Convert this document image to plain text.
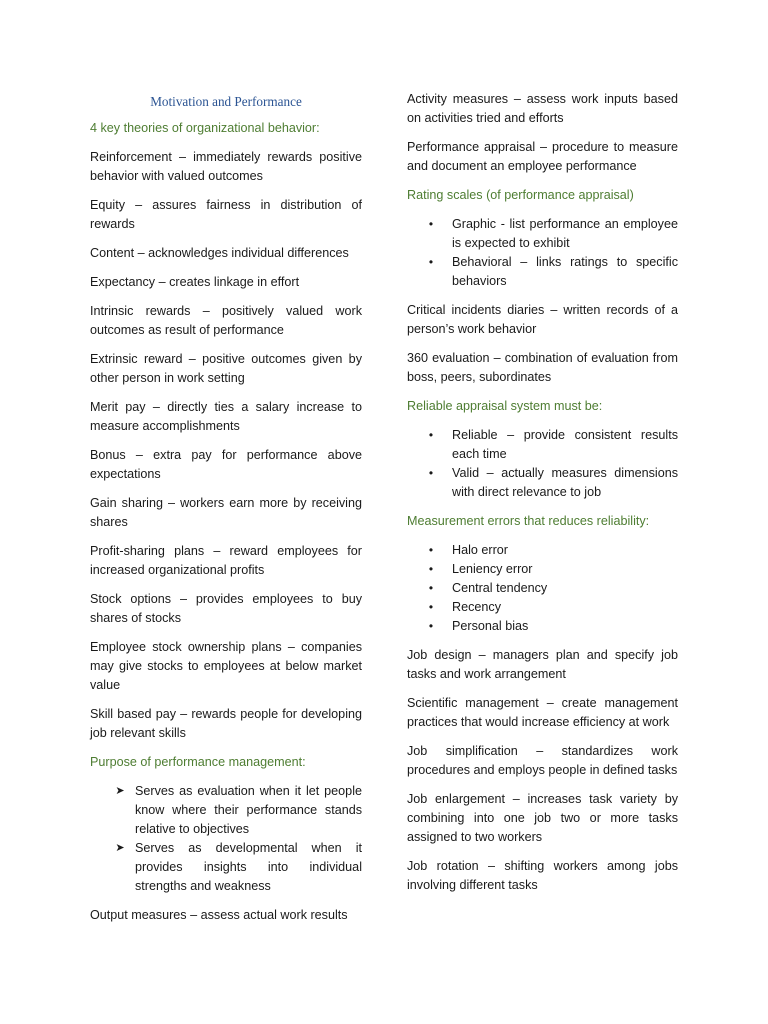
Motivation and Performance

4 key theories of organizational behavior:

Reinforcement – immediately rewards positive behavior with valued outcomes

Equity – assures fairness in distribution of rewards

Content – acknowledges individual differences

Expectancy – creates linkage in effort

Intrinsic rewards – positively valued work outcomes as result of performance

Extrinsic reward – positive outcomes given by other person in work setting

Merit pay – directly ties a salary increase to measure accomplishments

Bonus – extra pay for performance above expectations

Gain sharing – workers earn more by receiving shares

Profit-sharing plans – reward employees for increased organizational profits

Stock options – provides employees to buy shares of stocks

Employee stock ownership plans – companies may give stocks to employees at below market value

Skill based pay – rewards people for developing job relevant skills

Purpose of performance management:

➤ Serves as evaluation when it let people know where their performance stands relative to objectives
➤ Serves as developmental when it provides insights into individual strengths and weakness

Output measures – assess actual work results

Activity measures – assess work inputs based on activities tried and efforts

Performance appraisal – procedure to measure and document an employee performance

Rating scales (of performance appraisal)

• Graphic - list performance an employee is expected to exhibit
• Behavioral – links ratings to specific behaviors

Critical incidents diaries – written records of a person’s work behavior

360 evaluation – combination of evaluation from boss, peers, subordinates

Reliable appraisal system must be:

• Reliable – provide consistent results each time
• Valid – actually measures dimensions with direct relevance to job

Measurement errors that reduces reliability:

• Halo error
• Leniency error
• Central tendency
• Recency
• Personal bias

Job design – managers plan and specify job tasks and work arrangement

Scientific management – create management practices that would increase efficiency at work

Job simplification – standardizes work procedures and employs people in defined tasks

Job enlargement – increases task variety by combining into one job two or more tasks assigned to two workers

Job rotation – shifting workers among jobs involving different tasks
